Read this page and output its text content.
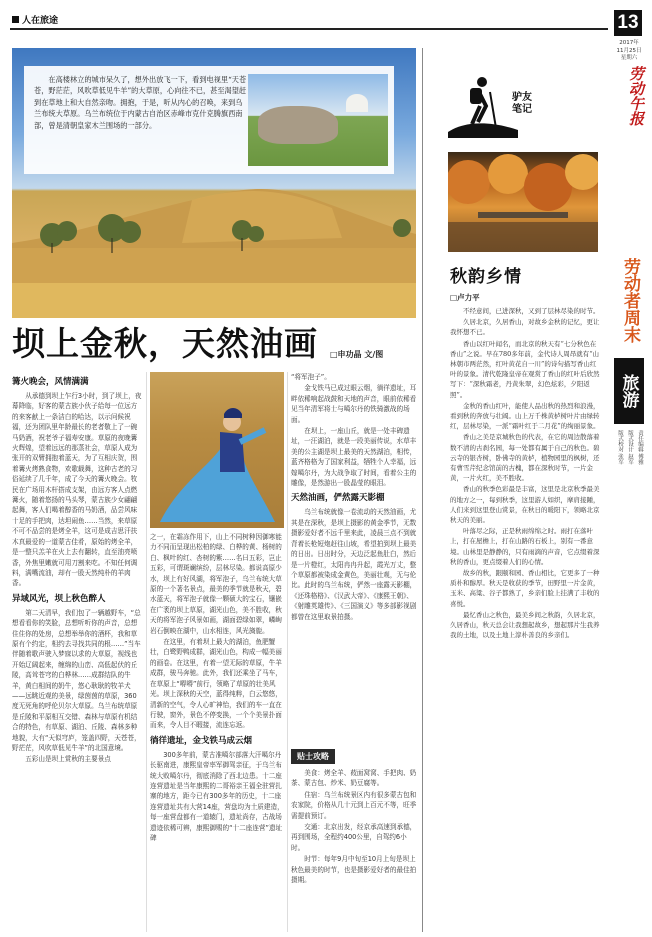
人在旅途	13
2017年
11月25日
星期六
劳动午报
在高楼林立的城市呆久了，想外出放飞一下，看到电视里“天苍苍，野茫茫，风吹草低见牛羊”的大草原，心向往不已，甚至渴望赶到在草地上和大自然亲吻。拥抱，于是，听从内心的召唤，来到乌兰布统大草原。乌兰布统位于内蒙古自治区赤峰市克什克腾旗西南部，曾是清朝皇家木兰围场的一部分。
坝上金秋，天然油画 □申功晶 文/图
篝火晚会，风情满满

从承德到坝上乍行3小时，到了坝上，夜幕降临，好客的蒙古族小伙子给每一位远方的来客献上一条洁白的哈达，以示问候祝福，还为团队里年龄最长的老者敬上了一碗马奶酒，祝老爷子福寿安康。草原的夜晚篝火辉煌，望着远远的那蒸社会，草原人成为张开的双臂拥抱着蓝天，为了互相庆贺，围着篝火烤熟食物，欢歌载舞，这种古老的习俗延续了几千年，成了今天的篝火晚会。牧民在广场用木杆搭成支架，由远方客人点燃篝火，随着悠扬的马头琴，蒙古族少女翩翩起舞，客人们喝着醇香的马奶酒，品尝风味十足的手把肉，达坦闹鱼……当然，来草原不可不品尝的是烤全羊，这可是成吉思汗扶木真最爱的一道蒙古佳肴，原始的烤全羊，是一整只羔羊在火上去有翻转，直至油亮喷香，外焦里嫩就可用刀割来吃。不知任何调料，满嘴流油，却有一股天然纯朴的羊肉香。

异域风光，坝上秋色醉人

第二天清早，我们包了一辆越野车，“总想看看你的笑脸，总想听听你的声音，总想住住你的处房，总想举举你的酒杯，我和草原有个约定，相约去寻找共同的根……”当车伴随着歌声驶入梦寐以求的大草原，视线也开始辽阔起来，缠绵的山峦、高低起伏的丘陵，高耸苍穹的白桦林……成群结队的牛羊，黄白相间的奶牛，悠心耿耿的牧羊犬——远眺近观的美景，绿茵茵的草原，360度无死角的呼伦贝尔大草原。乌兰布统草原是丘陵和平原相互交错、森林与草原有机结合的特色，有草原、湖泊、丘陵、森林多种地貌，大有“天似穹庐，笼盖四野，天苍苍，野茫茫，风吹草低见牛羊”的北国意境。

五彩山是坝上赏秋的主要景点

之一，在霜冻作用下，山上不同树种因御寒能力不同而呈现出松柏的绿、白桦的黄、杨树的白、枫叶的红、杏树的紫……名曰五彩，岂止五彩，可谓斑斓缤纷，层林尽染。都说高原少水，坝上有好风湖，将军泡子，乌兰布统大草原的一个著名景点，最美的季节就是秋天，碧水蓝天，将军泡子就像一颗硕大的宝石，镶嵌在广袤的坝上草原，湖光山色，美不胜收，秋天的将军泡子风景如画，湖面碧绿如翠，嶙峋岩石倒映在湖中，山水相连，风光旖旎。

在这里，有着坝上最大的湖泊，鱼肥蟹壮，白鹭野鸭成群，湖光山色，构成一幅美丽的画卷。在这里，有着一望无际的草原，牛羊成群，骏马奔驰。此外，我们还乘坐了马车，在草原上“嘚嘚”前行，领略了草原的壮美风光。坝上深秋的天空，蓝得纯粹，白云悠悠，清新的空气，令人心旷神怡，我们的车一直在行驶，窗外，景色不停变换，一个个美景扑面而来，令人目不暇接，流连忘返。

徜徉遗址，金戈铁马成云烟

300多年前，蒙古准噶尔部落大汗噶尔丹长驱南进，康熙皇帝率军御驾亲征，于乌兰布统大败噶尔丹，彻底消除了西北边患。十二座连营遗址是当年康熙的二哥裕亲王福全驻营扎寨的地方，距今已有300多年的历史，十二座连营遗址共有大营14座，营盘均为土质建造，每一座营盘都有一道辕门，遗址尚存，古战场遗迹依稀可辨，康熙御赐的“十二座连营”遗址碑

“将军泡子”。

金戈铁马已成过眼云烟，徜徉遗址，耳畔依稀响起战鼓和天地的声音，眼前依稀看见当年清军将士与噶尔丹的铁骑激战的场面。

在坝上，一座山丘，就是一处丰碑遗址，一汪湖泊，就是一段美丽传说，水草丰美的公主湖是坝上最美的天然湖泊，相传，蓝齐格格为了国家利益，牺牲个人幸福，远嫁噶尔丹，为大战争取了时间，看着公主的雕像，是然游出一股晶莹的眼泪。

天然油画，俨然露天影棚

乌兰布统就像一卷流动的天然油画，尤其是在深秋，是坝上摄影的黄金季节，无数摄影爱好者不远千里来此，凌晨三点不到就背着长枪短炮赶往山坡，希望拍到坝上最美的日出。日出时分，天边泛起鱼肚白，然后是一片橙红，太阳冉冉升起，霞光万丈，整个草原都被染成金黄色，美丽壮观，无与伦比。此时的乌兰布统，俨然一座露天影棚，《还珠格格》、《汉武大帝》、《康熙王朝》、《射雕英雄传》、《三国演义》等多部影视剧都曾在这里取景拍摄。

贴士攻略

美食：烤全羊、莜面窝窝、手把肉、奶茶、蒙古包、炒米、奶豆腐等。

住宿：乌兰布统景区内有很多蒙古包和农家院，价格从几十元到上百元不等，旺季需提前预订。

交通：北京出发，经京承高速到承德，再到围场，全程约400公里，自驾约6小时。

时节：每年9月中旬至10月上旬是坝上秋色最美的时节，也是摄影爱好者的最佳拍摄期。

驴友笔记
秋韵乡情
□卢力平

不经意间，已进深秋，又到了层林尽染的时节。

久居北京，久居香山，对故乡金秋的记忆，更让我怀想不已。

香山以红叶闻名，而北京的秋天有“七分秋色在香山”之说。早在780多年前，金代诗人周昂就有“山林朝市两茫然，红叶黄花自一川”的诗句描写香山红叶的景象。清代乾隆皇帝在观赏了香山的红叶后欣然写下：“深秋霜老，丹黄朱翠，幻色炫彩，夕阳返照”。

金秋的香山红叶，能使人品出秋的热烈和浪漫，看到秋的奔放与壮阔。山上万千株黄栌树叶片由绿转红，层林尽染，一派“霜叶红于二月花”的绚丽景象。

香山之美是京城秋色的代表，在它的周边散落着数不清的古刹名园，每一处都有属于自己的秋色。碧云寺的银杏树，卧佛寺的黄栌，植物园里的枫树，还有曹雪芹纪念馆前的古槐，都在深秋时节，一片金黄，一片火红，美不胜收。

香山的秋季色彩最是丰富，这里是北京秋季最美的地方之一，每到秋季，这里游人如织，摩肩接踵，人们来到这里登山赏景，在秋日的暖阳下，领略北京秋天的美丽。

叶落尽之际，正是秋雨绵绵之时。雨打在落叶上，打在屋檐上，打在山路的石板上，别有一番意境。山林里是静静的，只有雨滴的声音，它点缀着深秋的香山，更点缀着人们的心情。

故乡的秋，跟颐和园、香山相比，它更多了一种质朴和醇厚。秋天是收获的季节，田野里一片金黄，玉米、高粱、谷子都熟了，乡亲们脸上挂满了丰收的喜悦。

最忆香山之秋色，最美乡间之秋韵，久居北京，久居香山，秋天总会让我想起故乡，想起那片生我养我的土地，以及土地上淳朴善良的乡亲们。

劳动者周末
旅游
责任编辑 傅雅
版式设计 赵军
版式校对 张军
